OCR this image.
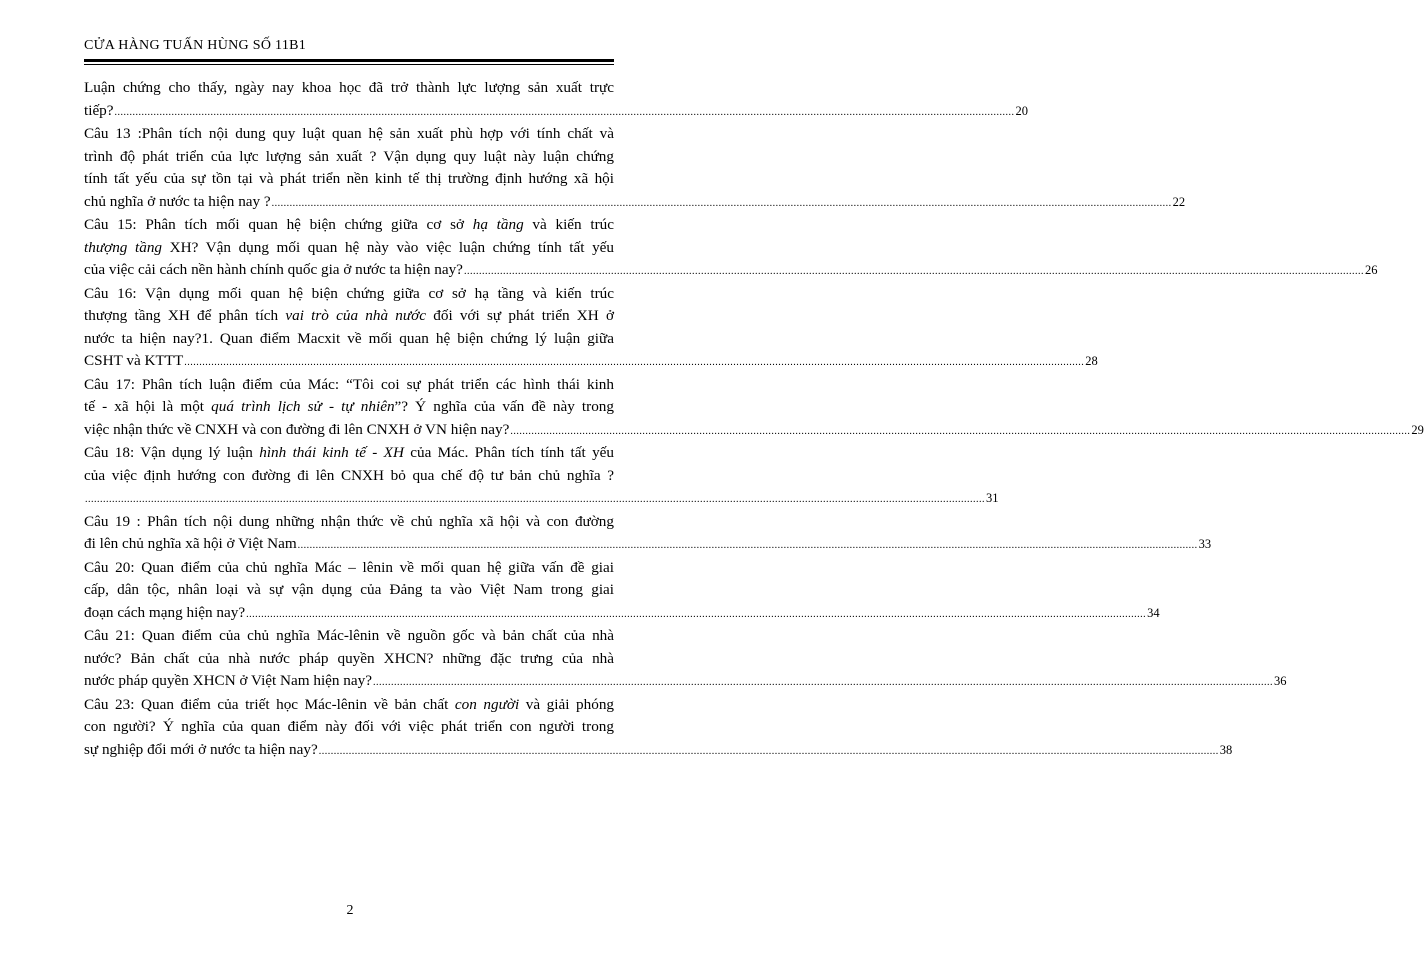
CỬA HÀNG TUẤN HÙNG SỐ 11B1
Luận chứng cho thấy, ngày nay khoa học đã trở thành lực lượng sản xuất trực
tiếp? ............................................................................................................................................................................................................................................................................................................ 20
Câu 13 :Phân tích nội dung quy luật quan hệ sản xuất phù hợp với tính chất và
trình độ phát triển của lực lượng sản xuất ? Vận dụng quy luật này luận chứng
tính tất yếu của sự tồn tại và phát triển nền kinh tế thị trường định hướng xã hội
chủ nghĩa ở nước ta hiện nay ? ............................................................................................................................................................................................................................................................................................................ 22
Câu 15: Phân tích mối quan hệ biện chứng giữa cơ sở hạ tầng và kiến trúc
thượng tầng XH? Vận dụng mối quan hệ này vào việc luận chứng tính tất yếu
của việc cải cách nền hành chính quốc gia ở nước ta hiện nay? ............................................................................................................................................................................................................................................................................................................ 26
Câu 16: Vận dụng mối quan hệ biện chứng giữa cơ sở hạ tầng và kiến trúc
thượng tầng XH để phân tích vai trò của nhà nước đối với sự phát triển XH ở
nước ta hiện nay?1. Quan điểm Macxit về mối quan hệ biện chứng lý luận giữa
CSHT và KTTT ............................................................................................................................................................................................................................................................................................................ 28
Câu 17: Phân tích luận điểm của Mác: “Tôi coi sự phát triển các hình thái kinh
tế - xã hội là một quá trình lịch sử - tự nhiên”? Ý nghĩa của vấn đề này trong
việc nhận thức về CNXH và con đường đi lên CNXH ở VN hiện nay? ............................................................................................................................................................................................................................................................................................................ 29
Câu 18: Vận dụng lý luận hình thái kinh tế - XH của Mác. Phân tích tính tất yếu
của việc định hướng con đường đi lên CNXH bỏ qua chế độ tư bản chủ nghĩa ?
............................................................................................................................................................................................................................................................................................................ 31
Câu 19 : Phân tích nội dung những nhận thức về chủ nghĩa xã hội và con đường
đi lên chủ nghĩa xã hội ở Việt Nam ............................................................................................................................................................................................................................................................................................................ 33
Câu 20: Quan điểm của chủ nghĩa Mác – lênin về mối quan hệ giữa vấn đề giai
cấp, dân tộc, nhân loại và sự vận dụng của Đảng ta vào Việt Nam trong giai
đoạn cách mạng hiện nay? ............................................................................................................................................................................................................................................................................................................ 34
Câu 21: Quan điểm của chủ nghĩa Mác-lênin về nguồn gốc và bản chất của nhà
nước? Bản chất của nhà nước pháp quyền XHCN? những đặc trưng của nhà
nước pháp quyền XHCN ở Việt Nam hiện nay? ............................................................................................................................................................................................................................................................................................................ 36
Câu 23: Quan điểm của triết học Mác-lênin về bản chất con người và giải phóng
con người? Ý nghĩa của quan điểm này đối với việc phát triển con người trong
sự nghiệp đổi mới ở nước ta hiện nay? ............................................................................................................................................................................................................................................................................................................ 38
2
